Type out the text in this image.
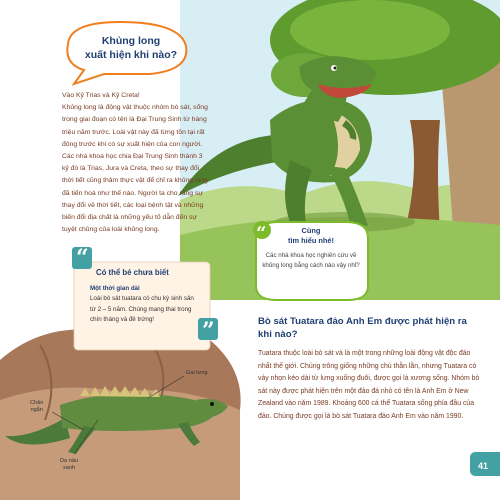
“
”
“
Khủng long
xuất hiện khi nào?
Vào Kỷ Trias và Kỷ Creta!
Khủng long là động vật thuộc nhóm bò sát, sống trong giai đoạn có tên là Đại Trung Sinh từ hàng triệu năm trước. Loài vật này đã từng tồn tại rất đông trước khi có sự xuất hiện của con người. Các nhà khoa học chia Đại Trung Sinh thành 3 kỷ đó là Trias, Jura và Creta, theo sự thay đổi thời tiết cũng thảm thực vật để chỉ ra khủng long đã tiến hoá như thế nào. Người ta cho rằng sự thay đổi về thời tiết, các loại bệnh tật và những biến đổi địa chất là những yếu tố dẫn đến sự tuyệt chủng của loài khủng long.	Cùng
tìm hiểu nhé!
Các nhà khoa học nghiên cứu về khủng long bằng cách nào vậy nhỉ?
Có thể bé chưa biết
Một thời gian dài
Loài bò sát tuatara có chu kỳ sinh sản từ 2 – 5 năm. Chúng mang thai trong chín tháng và đẻ trứng!
Gai lưng
Chân
ngắn
Da nâu
xanh
Bò sát Tuatara đảo Anh Em được phát hiện ra khi nào?
Tuatara thuộc loài bò sát và là một trong những loài động vật độc đáo nhất thế giới. Chúng trông giống những chú thằn lằn, nhưng Tuatara có vảy nhọn kéo dài từ lưng xuống đuôi, được gọi là xương sống. Nhóm bò sát này được phát hiện trên một đảo đá nhỏ có tên là Anh Em ở New Zealand vào năm 1989. Khoảng 600 cá thể Tuatara sống phía đầu của đảo. Chúng được gọi là bò sát Tuatara đảo Anh Em vào năm 1990.
41
